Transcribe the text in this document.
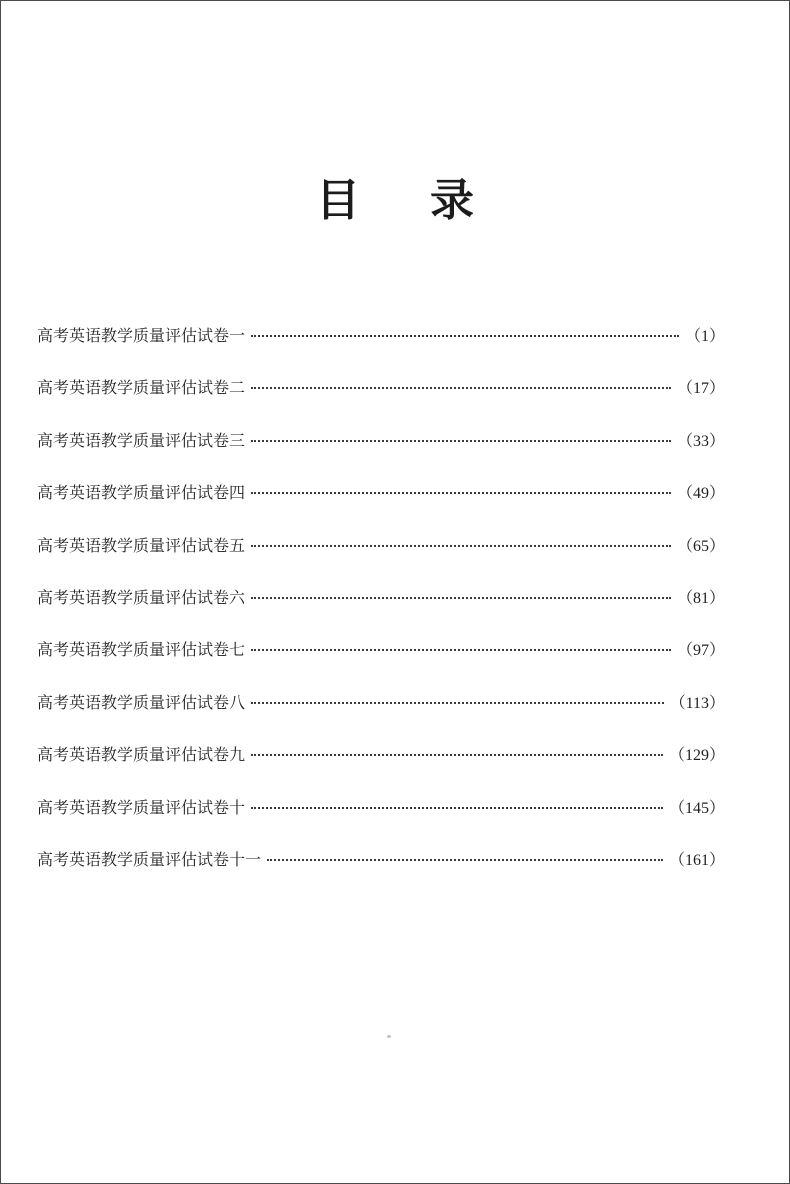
目 录
高考英语教学质量评估试卷一	（1）
高考英语教学质量评估试卷二	（17）
高考英语教学质量评估试卷三	（33）
高考英语教学质量评估试卷四	（49）
高考英语教学质量评估试卷五	（65）
高考英语教学质量评估试卷六	（81）
高考英语教学质量评估试卷七	（97）
高考英语教学质量评估试卷八	（113）
高考英语教学质量评估试卷九	（129）
高考英语教学质量评估试卷十	（145）
高考英语教学质量评估试卷十一	（161）
